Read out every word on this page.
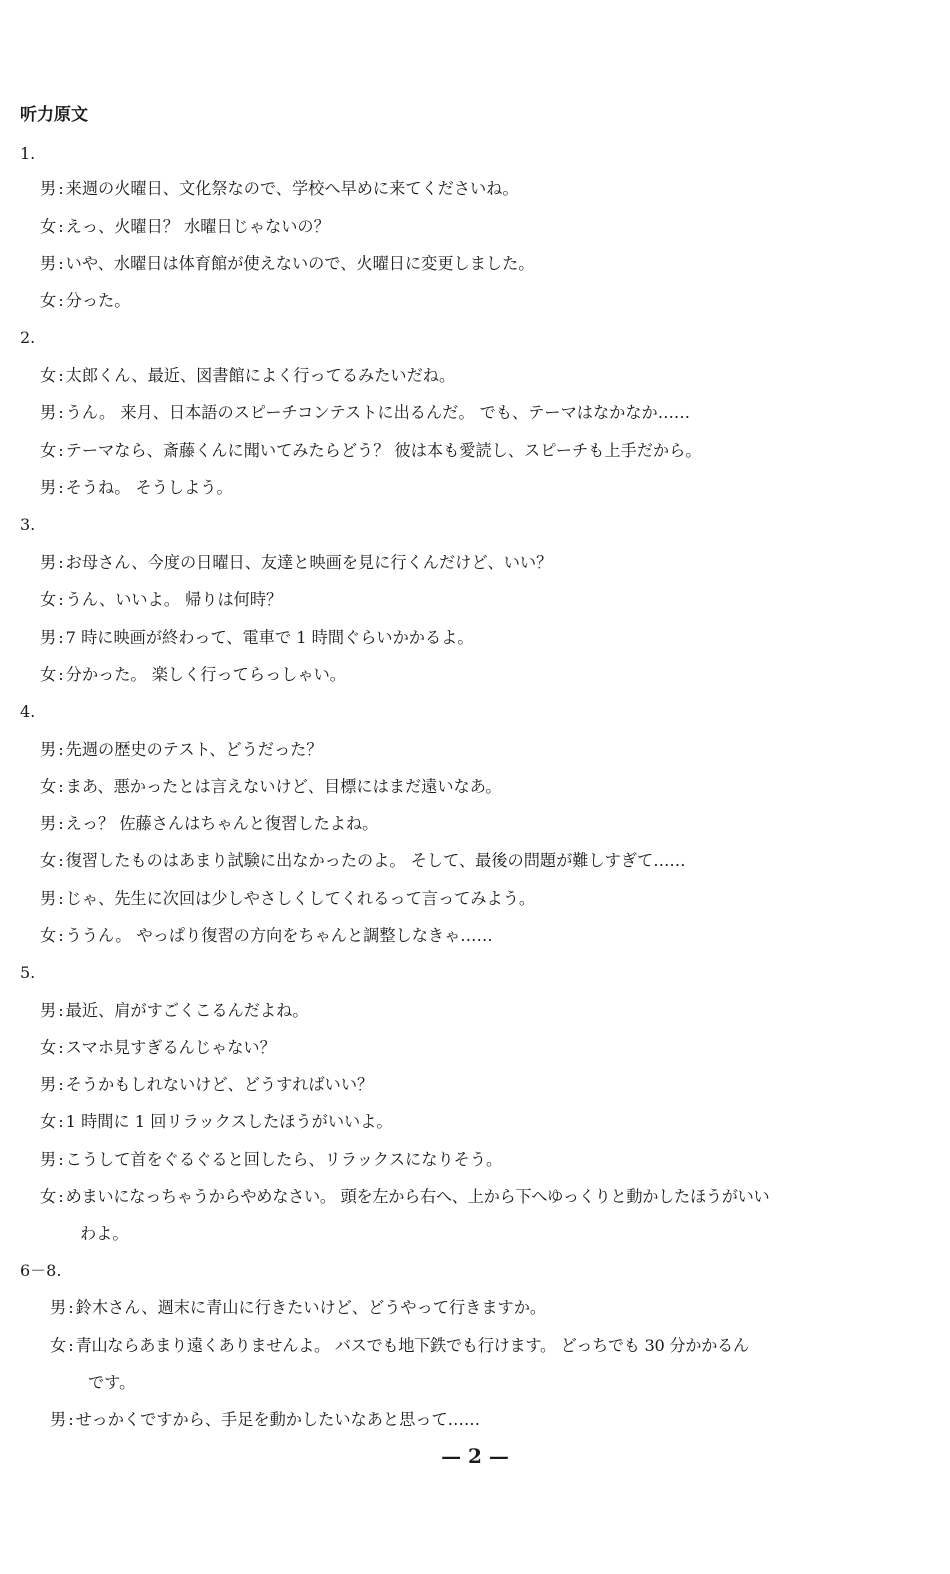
听力原文
1.
男 : 来週の火曜日、文化祭なので、学校へ早めに来てくださいね。
女 : えっ、火曜日？ 水曜日じゃないの？
男 : いや、水曜日は体育館が使えないので、火曜日に変更しました。
女 : 分った。
2.
女 : 太郎くん、最近、図書館によく行ってるみたいだね。
男 : うん。 来月、日本語のスピーチコンテストに出るんだ。 でも、テーマはなかなか……
女 : テーマなら、斎藤くんに聞いてみたらどう？ 彼は本も愛読し、スピーチも上手だから。
男 : そうね。 そうしよう。
3.
男 : お母さん、今度の日曜日、友達と映画を見に行くんだけど、いい？
女 : うん、いいよ。 帰りは何時？
男 : 7 時に映画が終わって、電車で 1 時間ぐらいかかるよ。
女 : 分かった。 楽しく行ってらっしゃい。
4.
男 : 先週の歴史のテスト、どうだった？
女 : まあ、悪かったとは言えないけど、目標にはまだ遠いなあ。
男 : えっ？ 佐藤さんはちゃんと復習したよね。
女 : 復習したものはあまり試験に出なかったのよ。 そして、最後の問題が難しすぎて……
男 : じゃ、先生に次回は少しやさしくしてくれるって言ってみよう。
女 : ううん。 やっぱり復習の方向をちゃんと調整しなきゃ……
5.
男 : 最近、肩がすごくこるんだよね。
女 : スマホ見すぎるんじゃない？
男 : そうかもしれないけど、どうすればいい？
女 : 1 時間に 1 回リラックスしたほうがいいよ。
男 : こうして首をぐるぐると回したら、リラックスになりそう。
女 : めまいになっちゃうからやめなさい。 頭を左から右へ、上から下へゆっくりと動かしたほうがいい
わよ。
6－8.
男 : 鈴木さん、週末に青山に行きたいけど、どうやって行きますか。
女 : 青山ならあまり遠くありませんよ。 バスでも地下鉄でも行けます。 どっちでも 30 分かかるん
です。
男 : せっかくですから、手足を動かしたいなあと思って……
— 2 —
